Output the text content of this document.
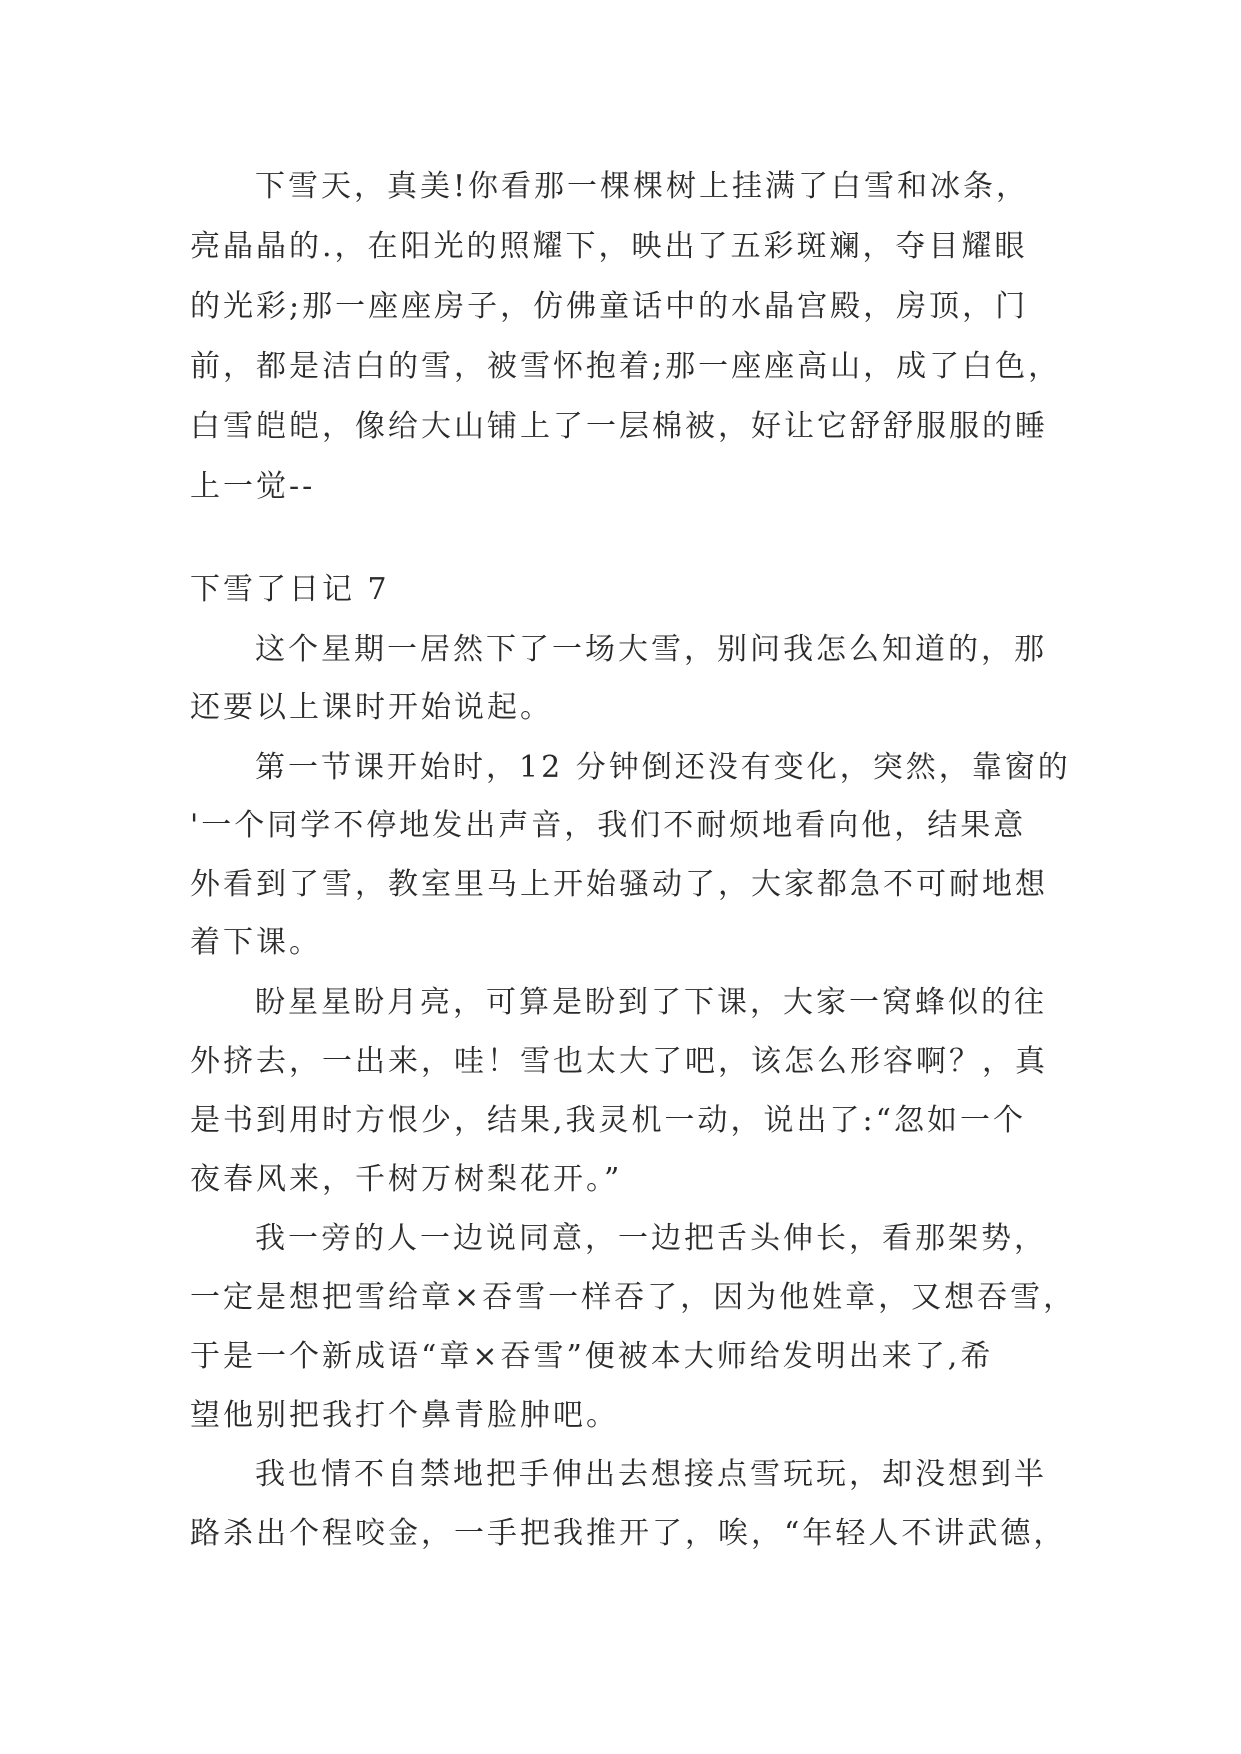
下雪天，真美!你看那一棵棵树上挂满了白雪和冰条，
亮晶晶的.，在阳光的照耀下，映出了五彩斑斓，夺目耀眼
的光彩;那一座座房子，仿佛童话中的水晶宫殿，房顶，门
前，都是洁白的雪，被雪怀抱着;那一座座高山，成了白色，
白雪皑皑，像给大山铺上了一层棉被，好让它舒舒服服的睡
上一觉--
下雪了日记 7
这个星期一居然下了一场大雪，别问我怎么知道的，那
还要以上课时开始说起。
第一节课开始时，12 分钟倒还没有变化，突然，靠窗的
'一个同学不停地发出声音，我们不耐烦地看向他，结果意
外看到了雪，教室里马上开始骚动了，大家都急不可耐地想
着下课。
盼星星盼月亮，可算是盼到了下课，大家一窝蜂似的往
外挤去，一出来，哇！雪也太大了吧，该怎么形容啊？，真
是书到用时方恨少，结果,我灵机一动，说出了:“忽如一个
夜春风来，千树万树梨花开。”
我一旁的人一边说同意，一边把舌头伸长，看那架势，
一定是想把雪给章×吞雪一样吞了，因为他姓章，又想吞雪，
于是一个新成语“章×吞雪”便被本大师给发明出来了,希
望他别把我打个鼻青脸肿吧。
我也情不自禁地把手伸出去想接点雪玩玩，却没想到半
路杀出个程咬金，一手把我推开了，唉，“年轻人不讲武德，
